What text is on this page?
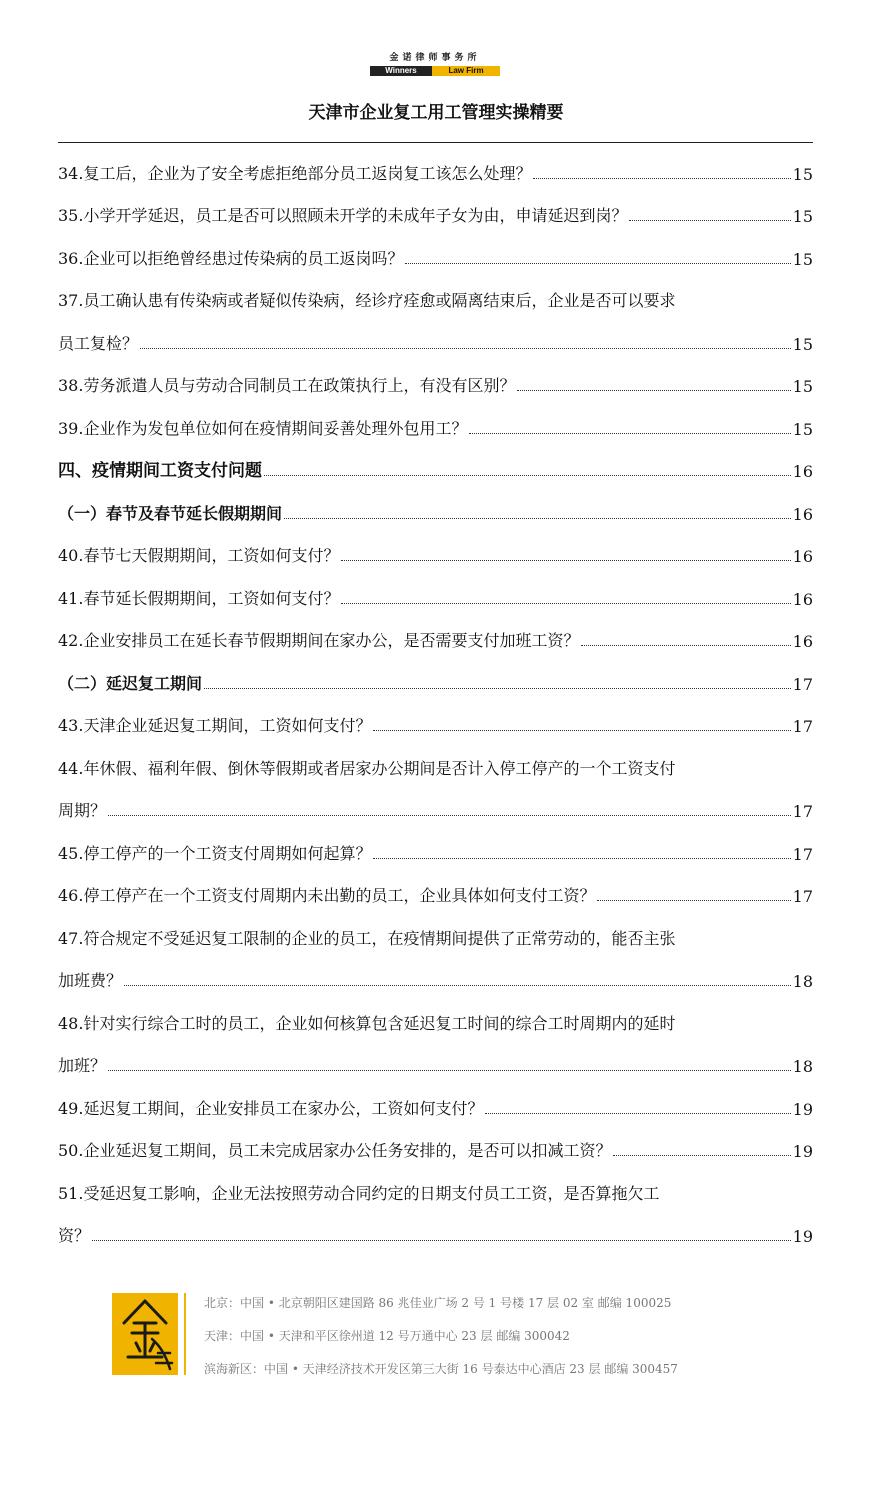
金诺律师事务所
Winners	Law Firm
天津市企业复工用工管理实操精要
34.复工后，企业为了安全考虑拒绝部分员工返岗复工该怎么处理？	15
35.小学开学延迟，员工是否可以照顾未开学的未成年子女为由，申请延迟到岗？	15
36.企业可以拒绝曾经患过传染病的员工返岗吗？	15
37.员工确认患有传染病或者疑似传染病，经诊疗痊愈或隔离结束后，企业是否可以要求
员工复检？	15
38.劳务派遣人员与劳动合同制员工在政策执行上，有没有区别？	15
39.企业作为发包单位如何在疫情期间妥善处理外包用工？	15
四、疫情期间工资支付问题	16
（一）春节及春节延长假期期间	16
40.春节七天假期期间，工资如何支付？	16
41.春节延长假期期间，工资如何支付？	16
42.企业安排员工在延长春节假期期间在家办公，是否需要支付加班工资？	16
（二）延迟复工期间	17
43.天津企业延迟复工期间，工资如何支付？	17
44.年休假、福利年假、倒休等假期或者居家办公期间是否计入停工停产的一个工资支付
周期？	17
45.停工停产的一个工资支付周期如何起算？	17
46.停工停产在一个工资支付周期内未出勤的员工，企业具体如何支付工资？	17
47.符合规定不受延迟复工限制的企业的员工，在疫情期间提供了正常劳动的，能否主张
加班费？	18
48.针对实行综合工时的员工，企业如何核算包含延迟复工时间的综合工时周期内的延时
加班？	18
49.延迟复工期间，企业安排员工在家办公，工资如何支付？	19
50.企业延迟复工期间，员工未完成居家办公任务安排的，是否可以扣减工资？	19
51.受延迟复工影响，企业无法按照劳动合同约定的日期支付员工工资，是否算拖欠工
资？	19
北京：中国 • 北京朝阳区建国路 86 兆佳业广场 2 号 1 号楼 17 层 02 室 邮编 100025
天津：中国 • 天津和平区徐州道 12 号万通中心 23 层 邮编 300042
滨海新区：中国 • 天津经济技术开发区第三大街 16 号泰达中心酒店 23 层 邮编 300457
